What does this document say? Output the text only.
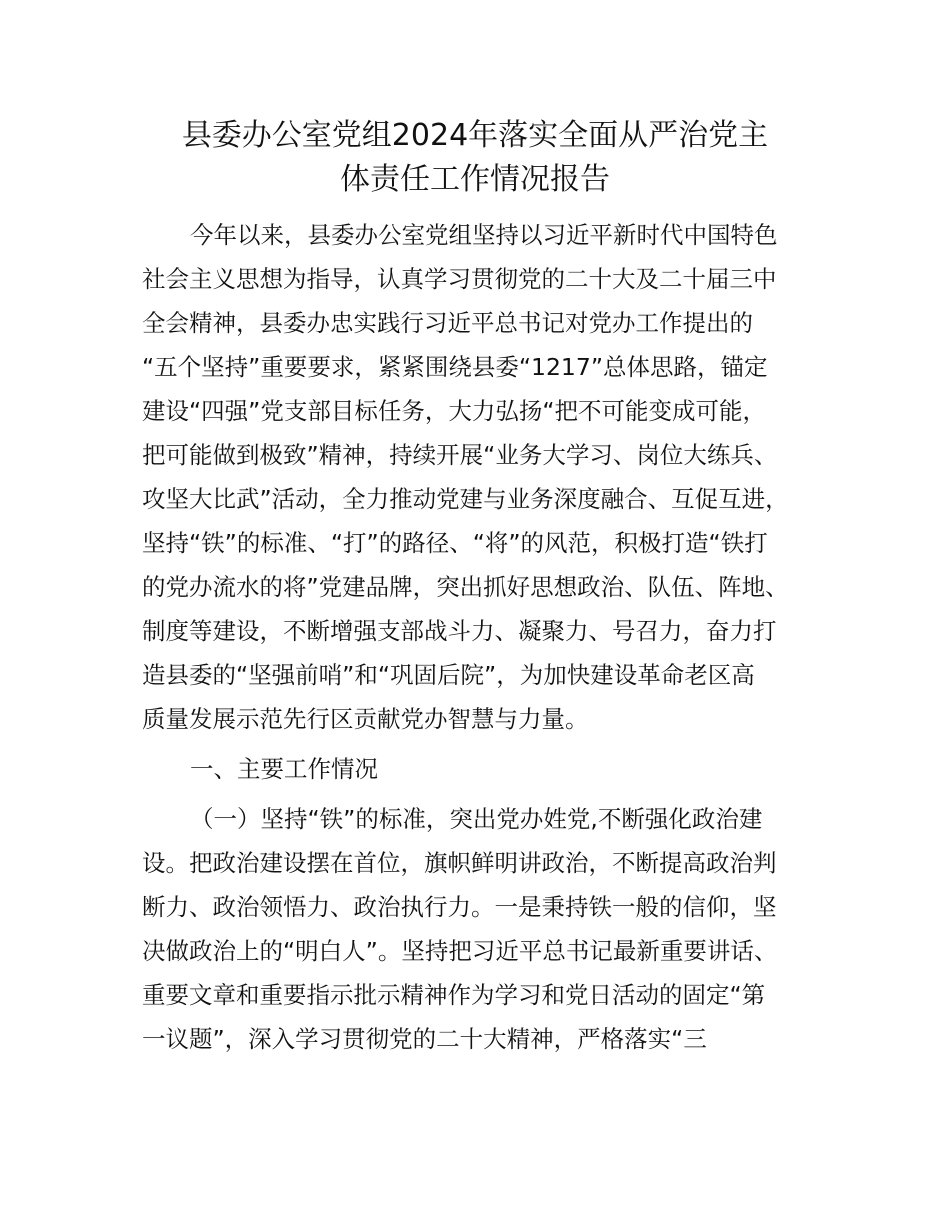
县委办公室党组2024年落实全面从严治党主
体责任工作情况报告

今年以来，县委办公室党组坚持以习近平新时代中国特色

社会主义思想为指导，认真学习贯彻党的二十大及二十届三中

全会精神，县委办忠实践行习近平总书记对党办工作提出的

“五个坚持”重要要求，紧紧围绕县委“1217”总体思路，锚定

建设“四强”党支部目标任务，大力弘扬“把不可能变成可能，

把可能做到极致”精神，持续开展“业务大学习、岗位大练兵、

攻坚大比武”活动，全力推动党建与业务深度融合、互促互进，

坚持“铁”的标准、“打”的路径、“将”的风范，积极打造“铁打

的党办流水的将”党建品牌，突出抓好思想政治、队伍、阵地、

制度等建设，不断增强支部战斗力、凝聚力、号召力，奋力打

造县委的“坚强前哨”和“巩固后院”，为加快建设革命老区高

质量发展示范先行区贡献党办智慧与力量。

一、主要工作情况

（一）坚持“铁”的标准，突出党办姓党,不断强化政治建

设。把政治建设摆在首位，旗帜鲜明讲政治，不断提高政治判

断力、政治领悟力、政治执行力。一是秉持铁一般的信仰，坚

决做政治上的“明白人”。坚持把习近平总书记最新重要讲话、

重要文章和重要指示批示精神作为学习和党日活动的固定“第

一议题”，深入学习贯彻党的二十大精神，严格落实“三
